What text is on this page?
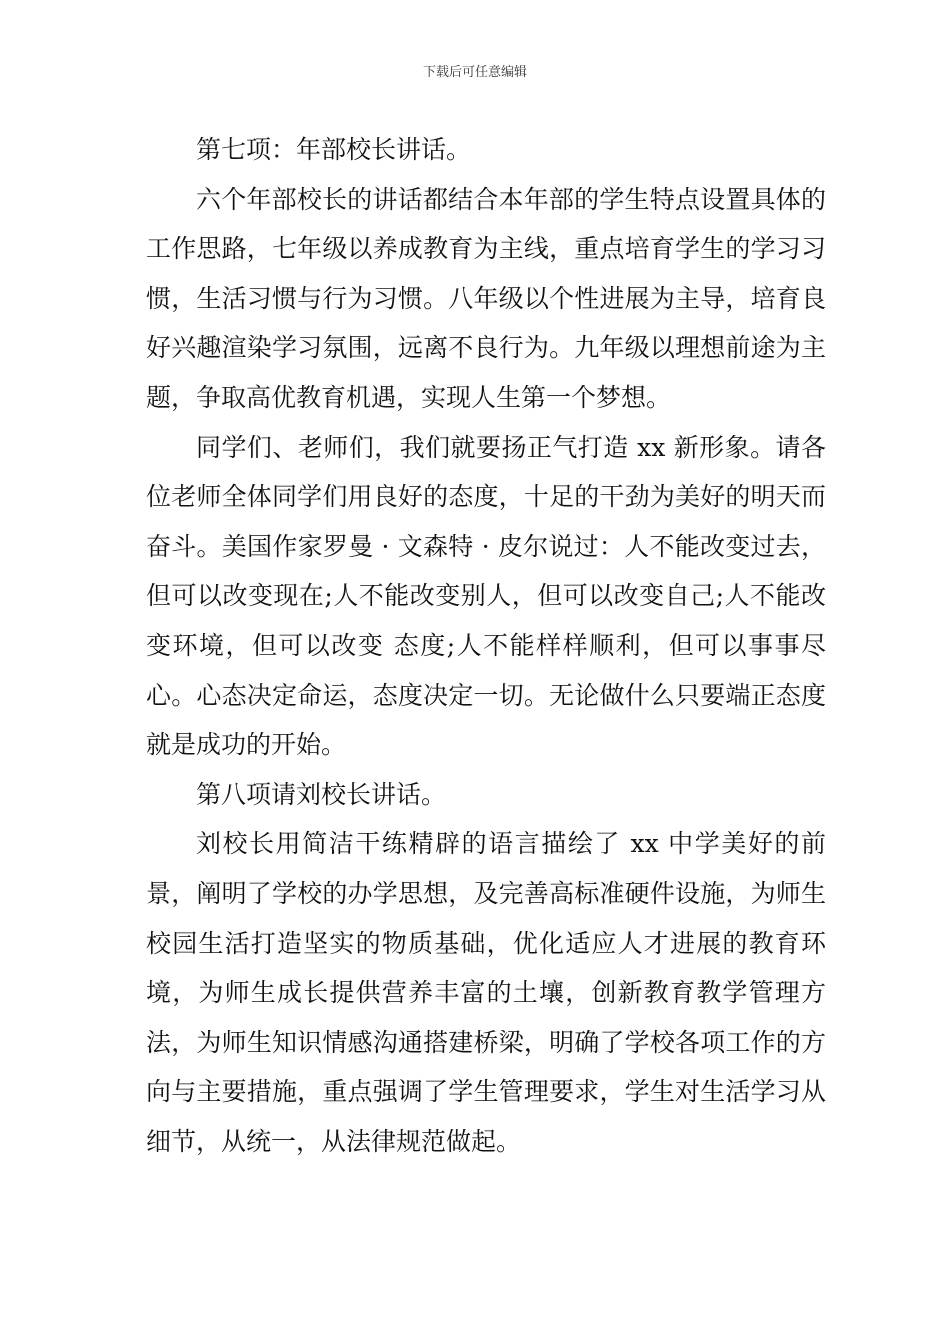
下载后可任意编辑

第七项：年部校长讲话。

六个年部校长的讲话都结合本年部的学生特点设置具体的工作思路，七年级以养成教育为主线，重点培育学生的学习习惯，生活习惯与行为习惯。八年级以个性进展为主导，培育良好兴趣渲染学习氛围，远离不良行为。九年级以理想前途为主题，争取高优教育机遇，实现人生第一个梦想。

同学们、老师们，我们就要扬正气打造 xx 新形象。请各位老师全体同学们用良好的态度，十足的干劲为美好的明天而奋斗。美国作家罗曼 · 文森特 · 皮尔说过：人不能改变过去，但可以改变现在;人不能改变别人，但可以改变自己;人不能改变环境，但可以改变 态度;人不能样样顺利，但可以事事尽心。心态决定命运，态度决定一切。无论做什么只要端正态度就是成功的开始。

第八项请刘校长讲话。

刘校长用简洁干练精辟的语言描绘了 xx 中学美好的前景，阐明了学校的办学思想，及完善高标准硬件设施，为师生校园生活打造坚实的物质基础，优化适应人才进展的教育环境，为师生成长提供营养丰富的土壤，创新教育教学管理方法，为师生知识情感沟通搭建桥梁，明确了学校各项工作的方向与主要措施，重点强调了学生管理要求，学生对生活学习从细节，从统一，从法律规范做起。
